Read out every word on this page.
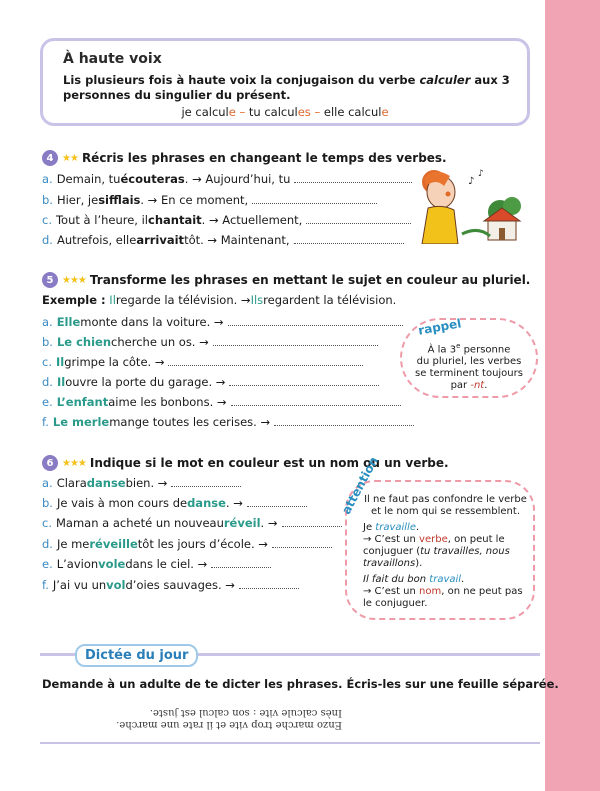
À haute voix
Lis plusieurs fois à haute voix la conjugaison du verbe calculer aux 3 personnes du singulier du présent.
je calcule – tu calcules – elle calcule
4 ★★ Récris les phrases en changeant le temps des verbes.
a. Demain, tu écouteras . → Aujourd’hui, tu
b. Hier, je sifflais . → En ce moment,
c. Tout à l’heure, il chantait . → Actuellement,
d. Autrefois, elle arrivait tôt. → Maintenant,
♪
♪
5 ★★★ Transforme les phrases en mettant le sujet en couleur au pluriel.
Exemple :
Il regarde la télévision. → Ils regardent la télévision.
a. Elle monte dans la voiture. →
b. Le chien cherche un os. →
c. Il grimpe la côte. →
d. Il ouvre la porte du garage. →
e. L’enfant aime les bonbons. →
f. Le merle mange toutes les cerises. →
rappel
À la 3e personne
du pluriel, les verbes
se terminent toujours
par -nt.
6 ★★★ Indique si le mot en couleur est un nom ou un verbe.
a. Clara danse bien. →
b. Je vais à mon cours de danse . →
c. Maman a acheté un nouveau réveil . →
d. Je me réveille tôt les jours d’école. →
e. L’avion vole dans le ciel. →
f. J’ai vu un vol d’oies sauvages. →
attention

Il ne faut pas confondre le verbe et le nom qui se ressemblent.

Je travaille.
→ C’est un verbe, on peut le conjuguer (tu travailles, nous travaillons).

Il fait du bon travail.
→ C’est un nom, on ne peut pas le conjuguer.

Dictée du jour
Demande à un adulte de te dicter les phrases. Écris-les sur une feuille séparée.
Enzo marche trop vite et il rate une marche.
Inès calcule vite : son calcul est juste.
